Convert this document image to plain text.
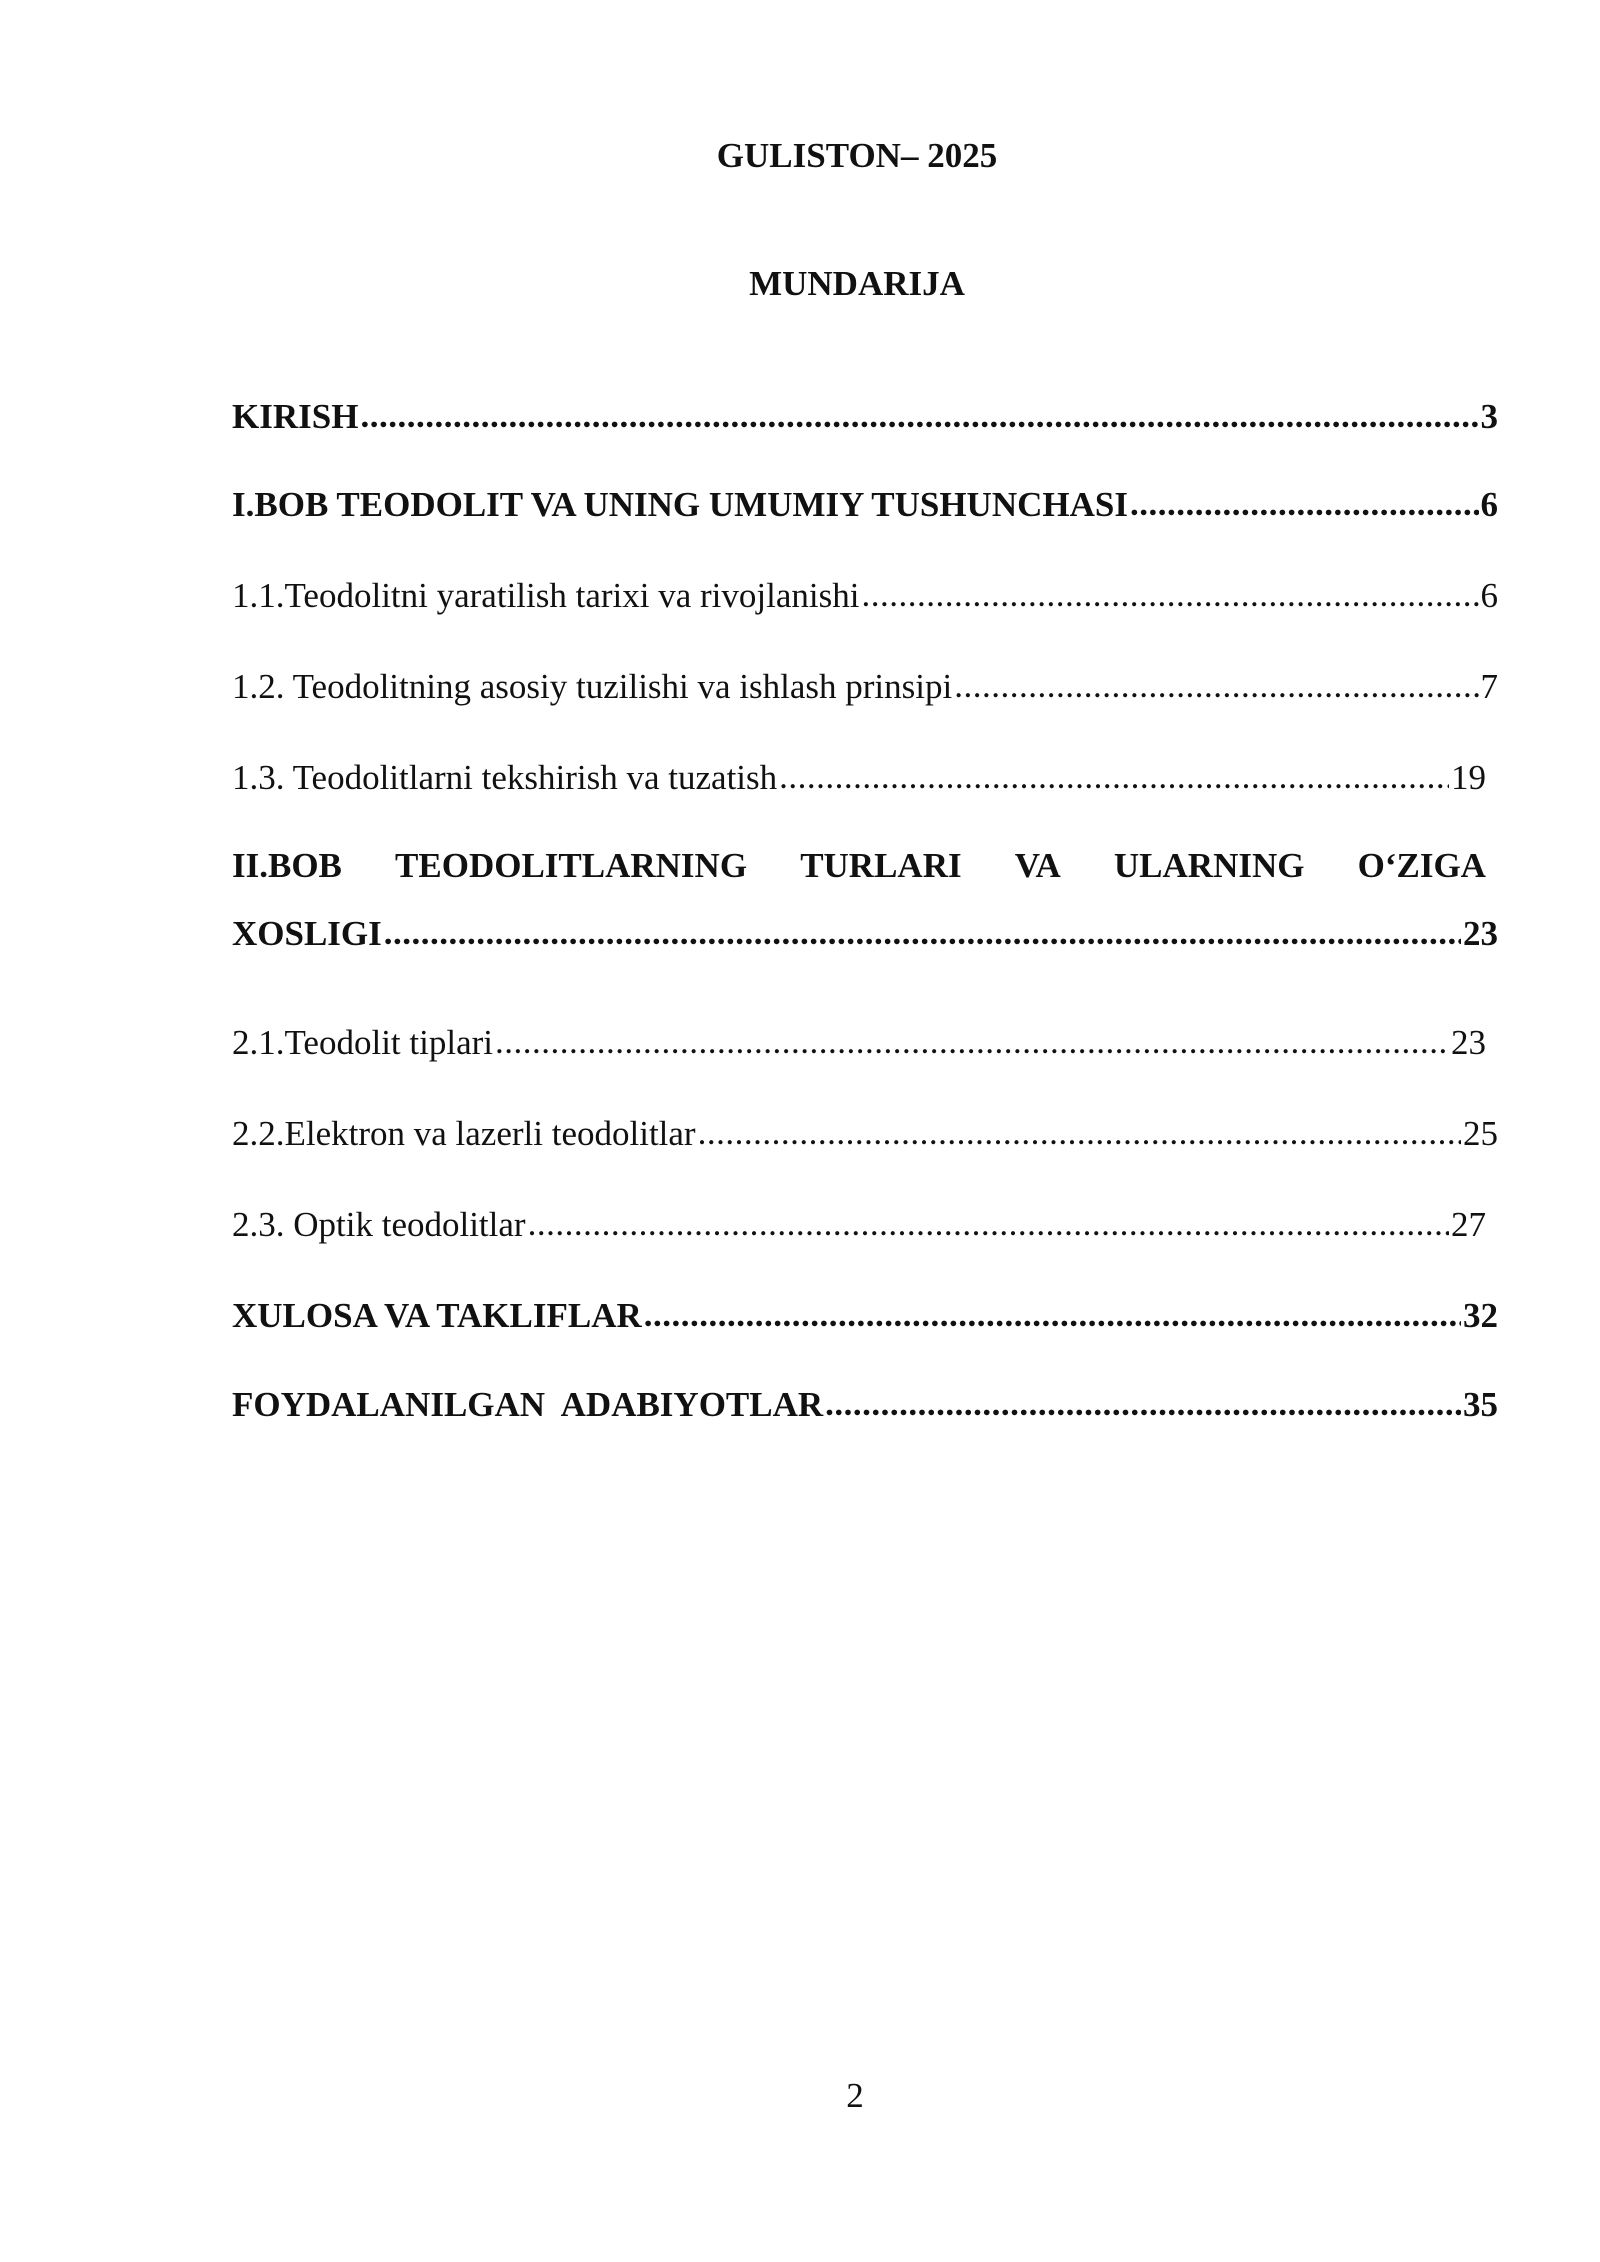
GULISTON– 2025

MUNDARIJA

KIRISH .....	3
I.BOB TEODOLIT VA UNING UMUMIY TUSHUNCHASI .....	6
1.1.Teodolitni yaratilish tarixi va rivojlanishi .....	6
1.2. Teodolitning asosiy tuzilishi va ishlash prinsipi .....	7
1.3. Teodolitlarni tekshirish va tuzatish .....	19
II.BOB TEODOLITLARNING TURLARI VA ULARNING O‘ZIGA
XOSLIGI .....	23
2.1.Teodolit tiplari .....	23
2.2.Elektron va lazerli teodolitlar .....	25
2.3. Optik teodolitlar .....	27
XULOSA VA TAKLIFLAR .....	32
FOYDALANILGAN  ADABIYOTLAR .....	35
2
